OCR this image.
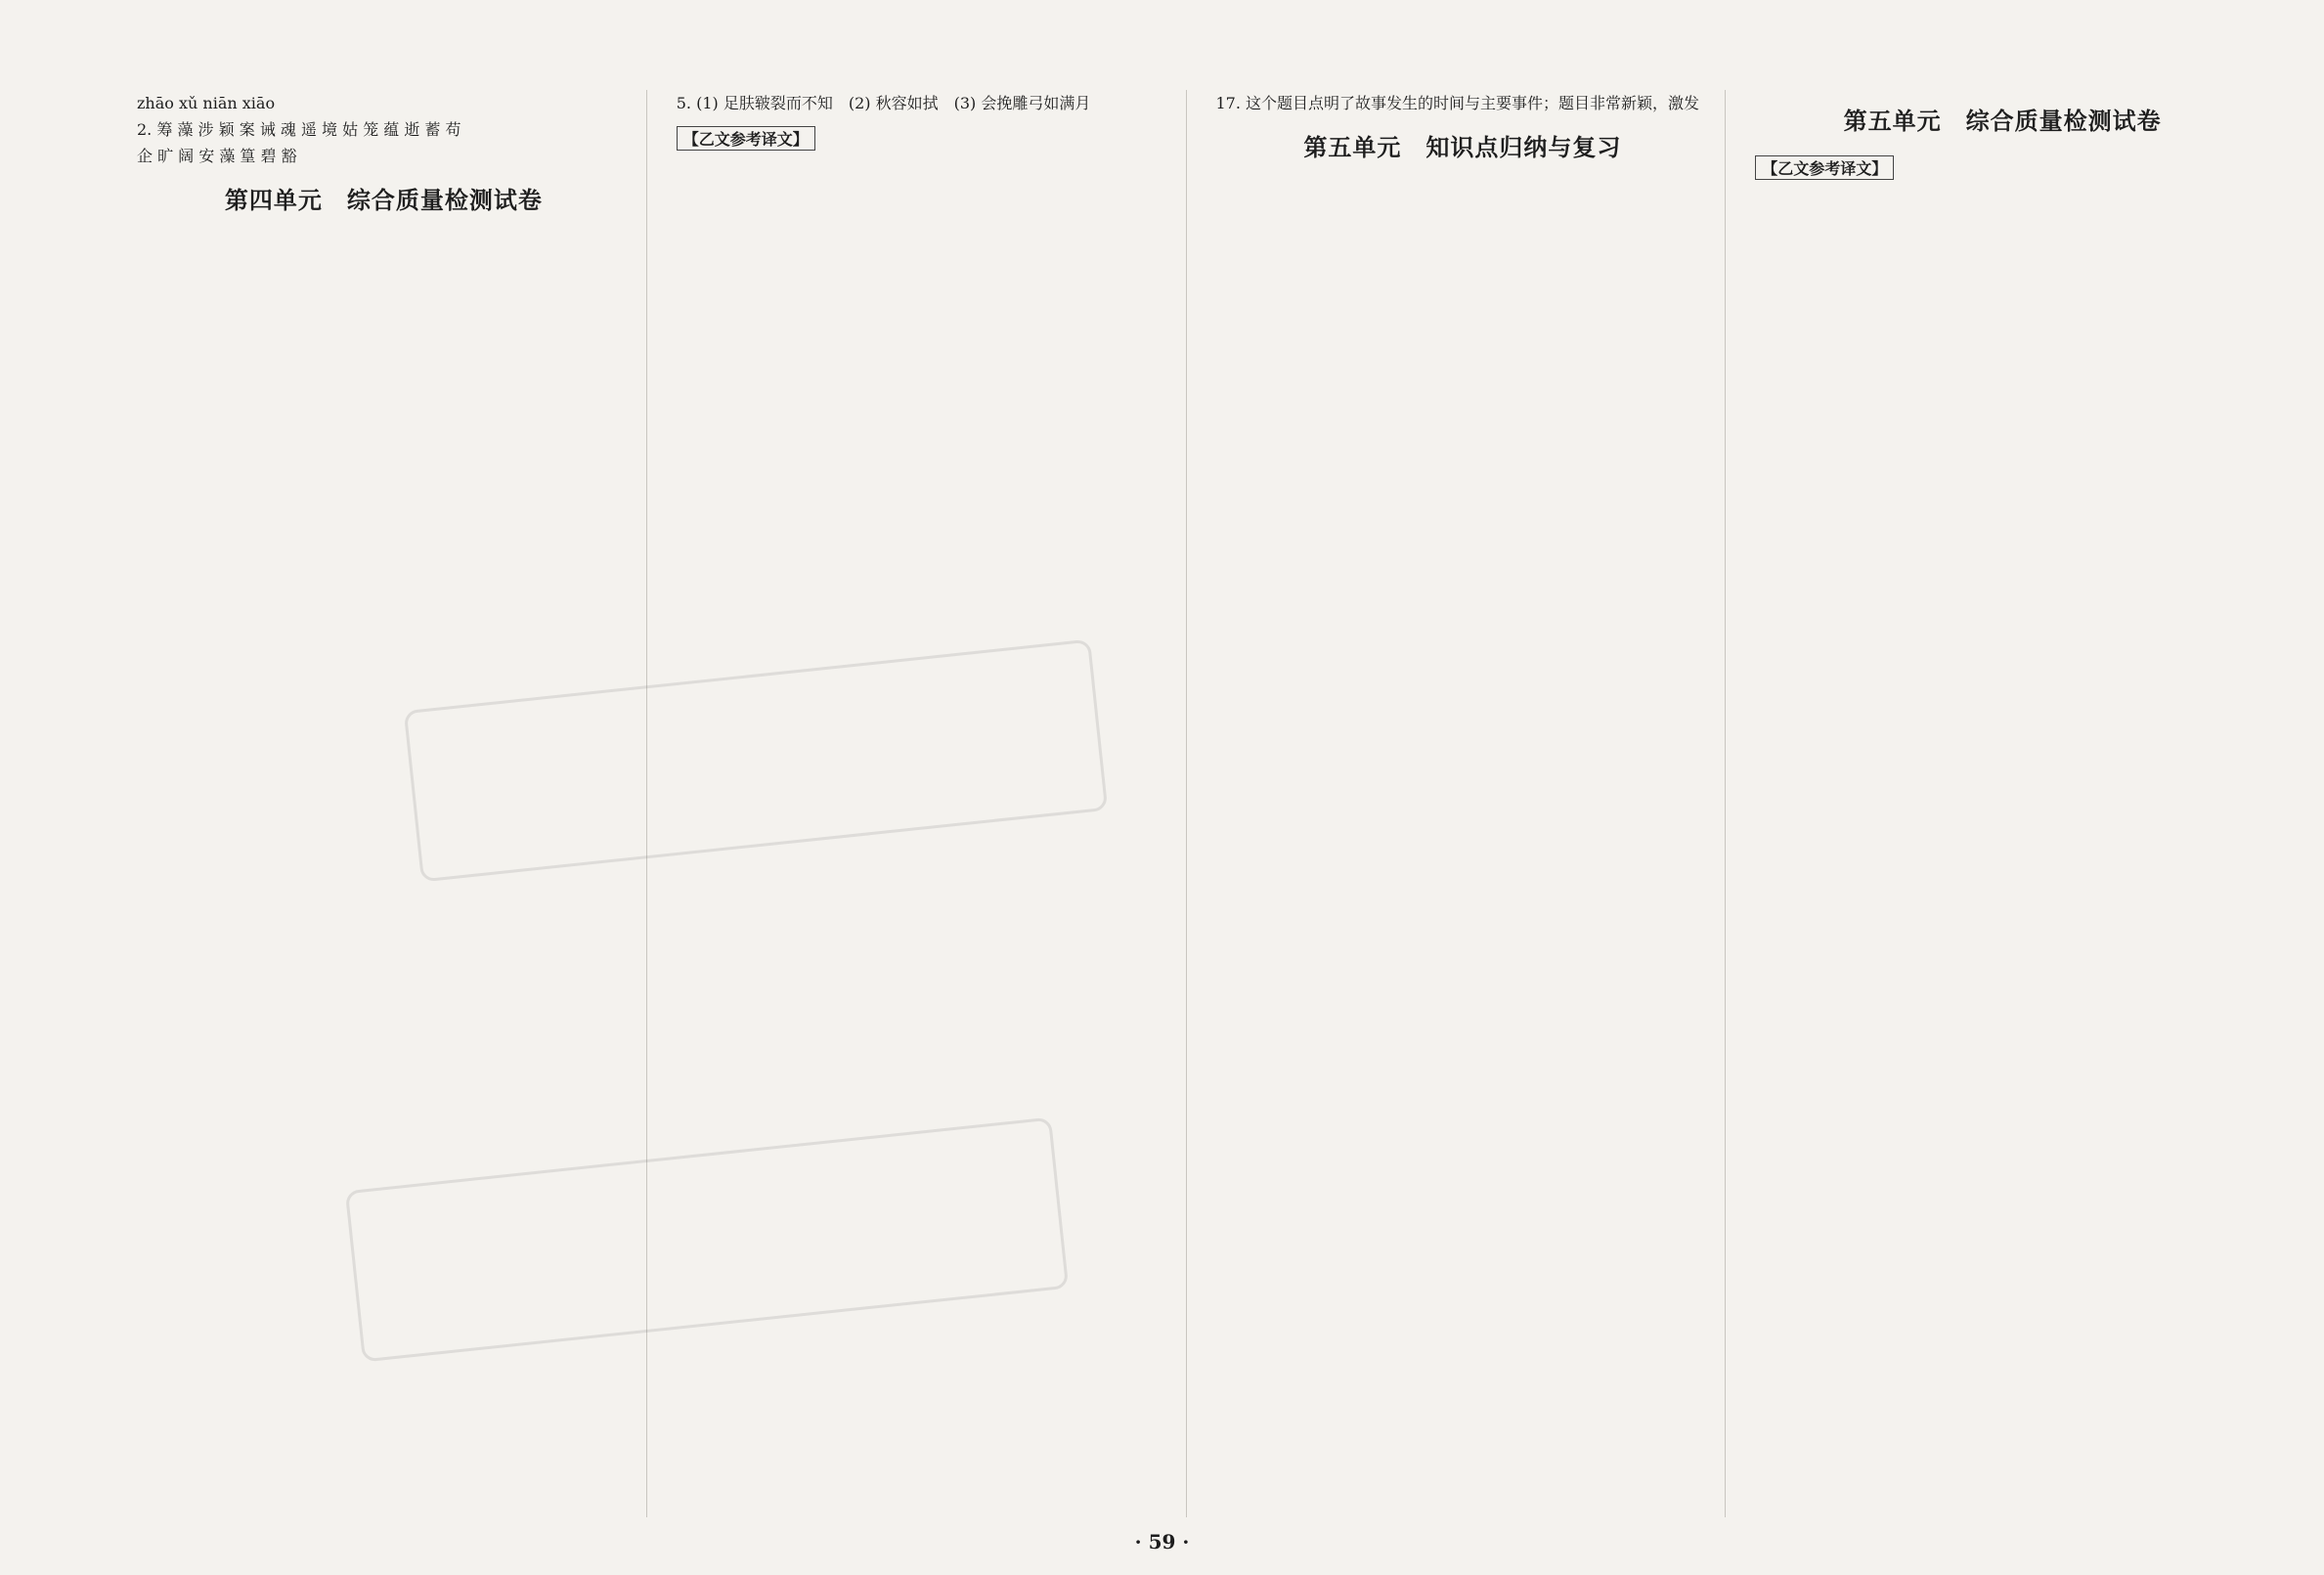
zhāo xǔ niān xiāo

2. 筹 藻 涉 颖 案 诫 魂 遥 境 姑 笼 蕴 逝 蓄 苟

企 旷 阔 安 藻 篁 碧 豁

第四单元　综合质量检测试卷

5. (1) 足肤皲裂而不知　(2) 秋容如拭　(3) 会挽雕弓如满月

【乙文参考译文】

17. 这个题目点明了故事发生的时间与主要事件；题目非常新颖，激发

第五单元　知识点归纳与复习
第五单元　综合质量检测试卷
【乙文参考译文】
· 59 ·
